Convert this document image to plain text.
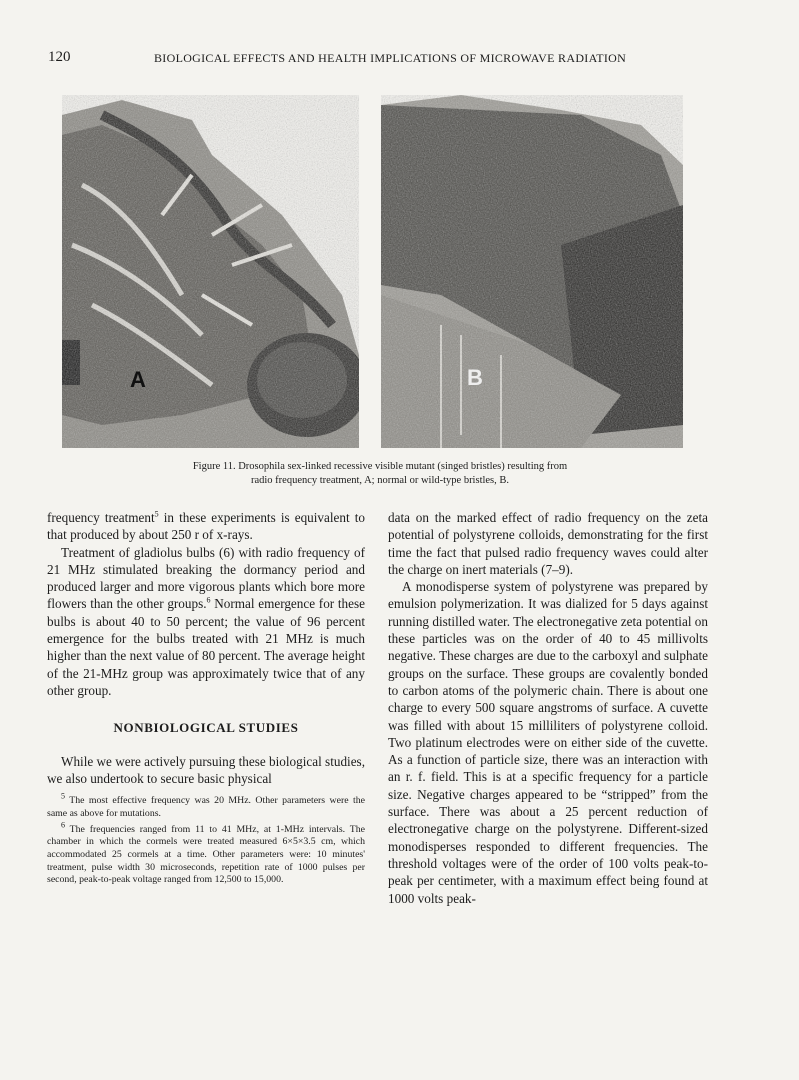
120	BIOLOGICAL EFFECTS AND HEALTH IMPLICATIONS OF MICROWAVE RADIATION
A	B
Figure 11. Drosophila sex-linked recessive visible mutant (singed bristles) resulting from
radio frequency treatment, A; normal or wild-type bristles, B.

frequency treatment$^5$ in these experiments is equivalent to that produced by about 250 r of x-rays.

Treatment of gladiolus bulbs (6) with radio frequency of 21 MHz stimulated breaking the dormancy period and produced larger and more vigorous plants which bore more flowers than the other groups.$^6$ Normal emergence for these bulbs is about 40 to 50 percent; the value of 96 percent emergence for the bulbs treated with 21 MHz is much higher than the next value of 80 percent. The average height of the 21-MHz group was approximately twice that of any other group.

NONBIOLOGICAL STUDIES

While we were actively pursuing these biological studies, we also undertook to secure basic physical

$^5$ The most effective frequency was 20 MHz. Other parameters were the same as above for mutations.

$^6$ The frequencies ranged from 11 to 41 MHz, at 1-MHz intervals. The chamber in which the cormels were treated measured 6×5×3.5 cm, which accommodated 25 cormels at a time. Other parameters were: 10 minutes' treatment, pulse width 30 microseconds, repetition rate of 1000 pulses per second, peak-to-peak voltage ranged from 12,500 to 15,000.

data on the marked effect of radio frequency on the zeta potential of polystyrene colloids, demonstrating for the first time the fact that pulsed radio frequency waves could alter the charge on inert materials (7–9).

A monodisperse system of polystyrene was prepared by emulsion polymerization. It was dialized for 5 days against running distilled water. The electronegative zeta potential on these particles was on the order of 40 to 45 millivolts negative. These charges are due to the carboxyl and sulphate groups on the surface. These groups are covalently bonded to carbon atoms of the polymeric chain. There is about one charge to every 500 square angstroms of surface. A cuvette was filled with about 15 milliliters of polystyrene colloid. Two platinum electrodes were on either side of the cuvette. As a function of particle size, there was an interaction with an r. f. field. This is at a specific frequency for a particle size. Negative charges appeared to be “stripped” from the surface. There was about a 25 percent reduction of electronegative charge on the polystyrene. Different-sized monodisperses responded to different frequencies. The threshold voltages were of the order of 100 volts peak-to-peak per centimeter, with a maximum effect being found at 1000 volts peak-
